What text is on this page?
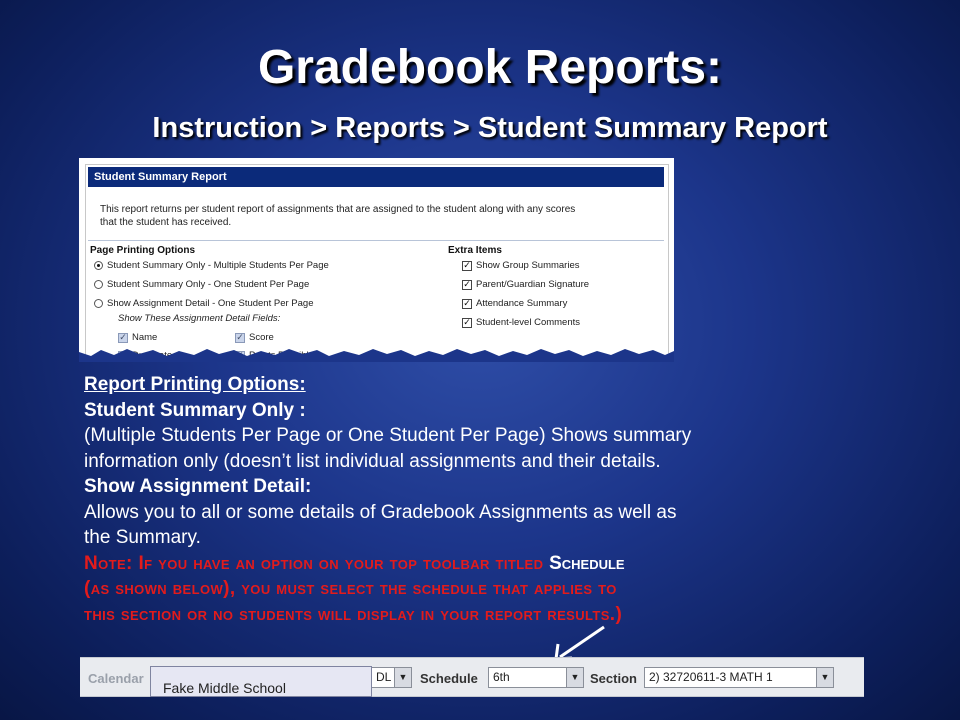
Gradebook Reports:
Instruction > Reports > Student Summary Report
Student Summary Report
This report returns per student report of assignments that are assigned to the student along with any scores
that the student has received.
Page Printing Options
Student Summary Only - Multiple Students Per Page
Student Summary Only - One Student Per Page
Show Assignment Detail - One Student Per Page
Show These Assignment Detail Fields:
✓ Name	✓ Score
Extra Items
✓ Show Group Summaries
✓ Parent/Guardian Signature
✓ Attendance Summary
✓ Student-level Comments
Report Printing Options:
Student Summary Only :
(Multiple Students Per Page or One Student Per Page) Shows summary
information only (doesn’t list individual assignments and their details.
Show Assignment Detail:
Allows you to all or some details of Gradebook Assignments as well as
the Summary.
Note: If you have an option on your top toolbar titled Schedule
(as shown below), you must select the schedule that applies to
this section or no students will display in your report results.)
Calendar
Fake Middle School
DL ▼ Schedule	6th	▼ Section	2) 32720611-3 MATH 1	▼
